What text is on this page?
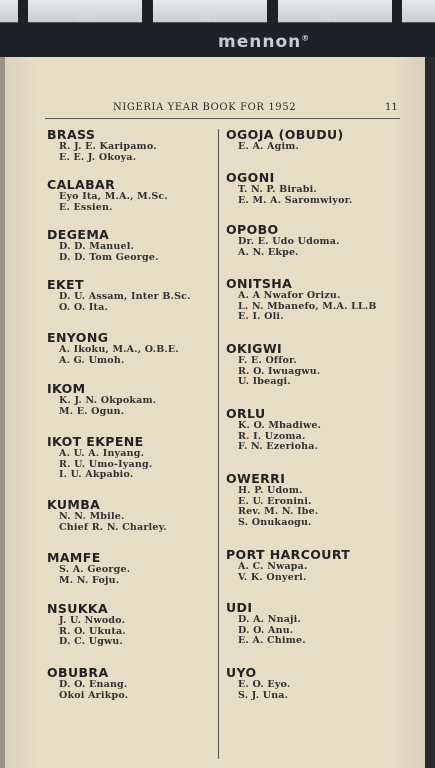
020	021	022
mennon®
NIGERIA YEAR BOOK FOR 1952	11
BRASS
R. J. E. Karipamo.
E. E. J. Okoya.
CALABAR
Eyo Ita, M.A., M.Sc.
E. Essien.
DEGEMA
D. D. Manuel.
D. D. Tom George.
EKET
D. U. Assam, Inter B.Sc.
O. O. Ita.
ENYONG
A. Ikoku, M.A., O.B.E.
A. G. Umoh.
IKOM
K. J. N. Okpokam.
M. E. Ogun.
IKOT EKPENE
A. U. A. Inyang.
R. U. Umo-Iyang.
I. U. Akpabio.
KUMBA
N. N. Mbile.
Chief R. N. Charley.
MAMFE
S. A. George.
M. N. Foju.
NSUKKA
J. U. Nwodo.
R. O. Ukuta.
D. C. Ugwu.
OBUBRA
D. O. Enang.
Okoi Arikpo.
OGOJA (OBUDU)
E. A. Agim.
OGONI
T. N. P. Birabi.
E. M. A. Saromwiyor.
OPOBO
Dr. E. Udo Udoma.
A. N. Ekpe.
ONITSHA
A. A Nwafor Orizu.
L. N. Mbanefo, M.A. LL.B
E. I. Oli.
OKIGWI
F. E. Offor.
R. O. Iwuagwu.
U. Ibeagi.
ORLU
K. O. Mbadiwe.
R. I. Uzoma.
F. N. Ezerioha.
OWERRI
H. P. Udom.
E. U. Eronini.
Rev. M. N. Ibe.
S. Onukaogu.
PORT HARCOURT
A. C. Nwapa.
V. K. Onyeri.
UDI
D. A. Nnaji.
D. O. Anu.
E. A. Chime.
UYO
E. O. Eyo.
S. J. Una.
